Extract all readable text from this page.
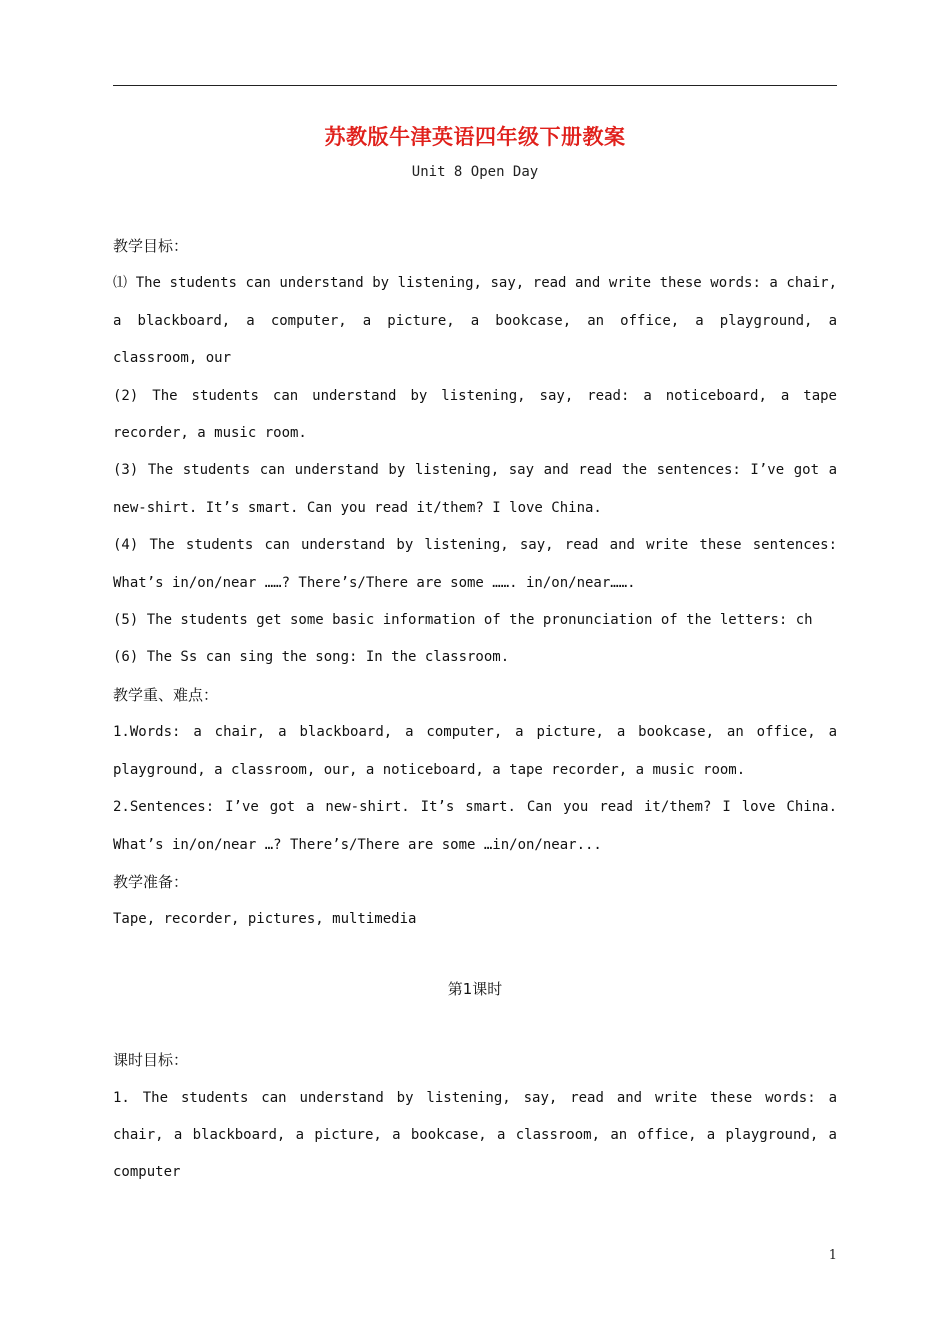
苏教版牛津英语四年级下册教案
Unit 8 Open Day

教学目标：

⑴ The students can understand by listening, say, read and write these words: a chair, a blackboard, a computer, a picture, a bookcase, an office, a playground, a classroom, our

(2) The students can understand by listening, say, read: a noticeboard, a tape recorder, a music room.

(3) The students can understand by listening, say and read the sentences: I’ve got a new-shirt. It’s smart. Can you read it/them? I love China.

(4) The students can understand by listening, say, read and write these sentences: What’s in/on/near ……? There’s/There are some ……. in/on/near…….

(5) The students get some basic information of the pronunciation of the letters: ch

(6) The Ss can sing the song: In the classroom.

教学重、难点：

1.Words: a chair, a blackboard, a computer, a picture, a bookcase, an office, a playground, a classroom, our, a noticeboard, a tape recorder, a music room.

2.Sentences: I’ve got a new-shirt. It’s smart. Can you read it/them? I love China. What’s in/on/near …? There’s/There are some …in/on/near...

教学准备：

Tape, recorder, pictures, multimedia

第1课时

课时目标：

1. The students can understand by listening, say, read and write these words: a chair, a blackboard, a picture, a bookcase, a classroom, an office, a playground, a computer

1
